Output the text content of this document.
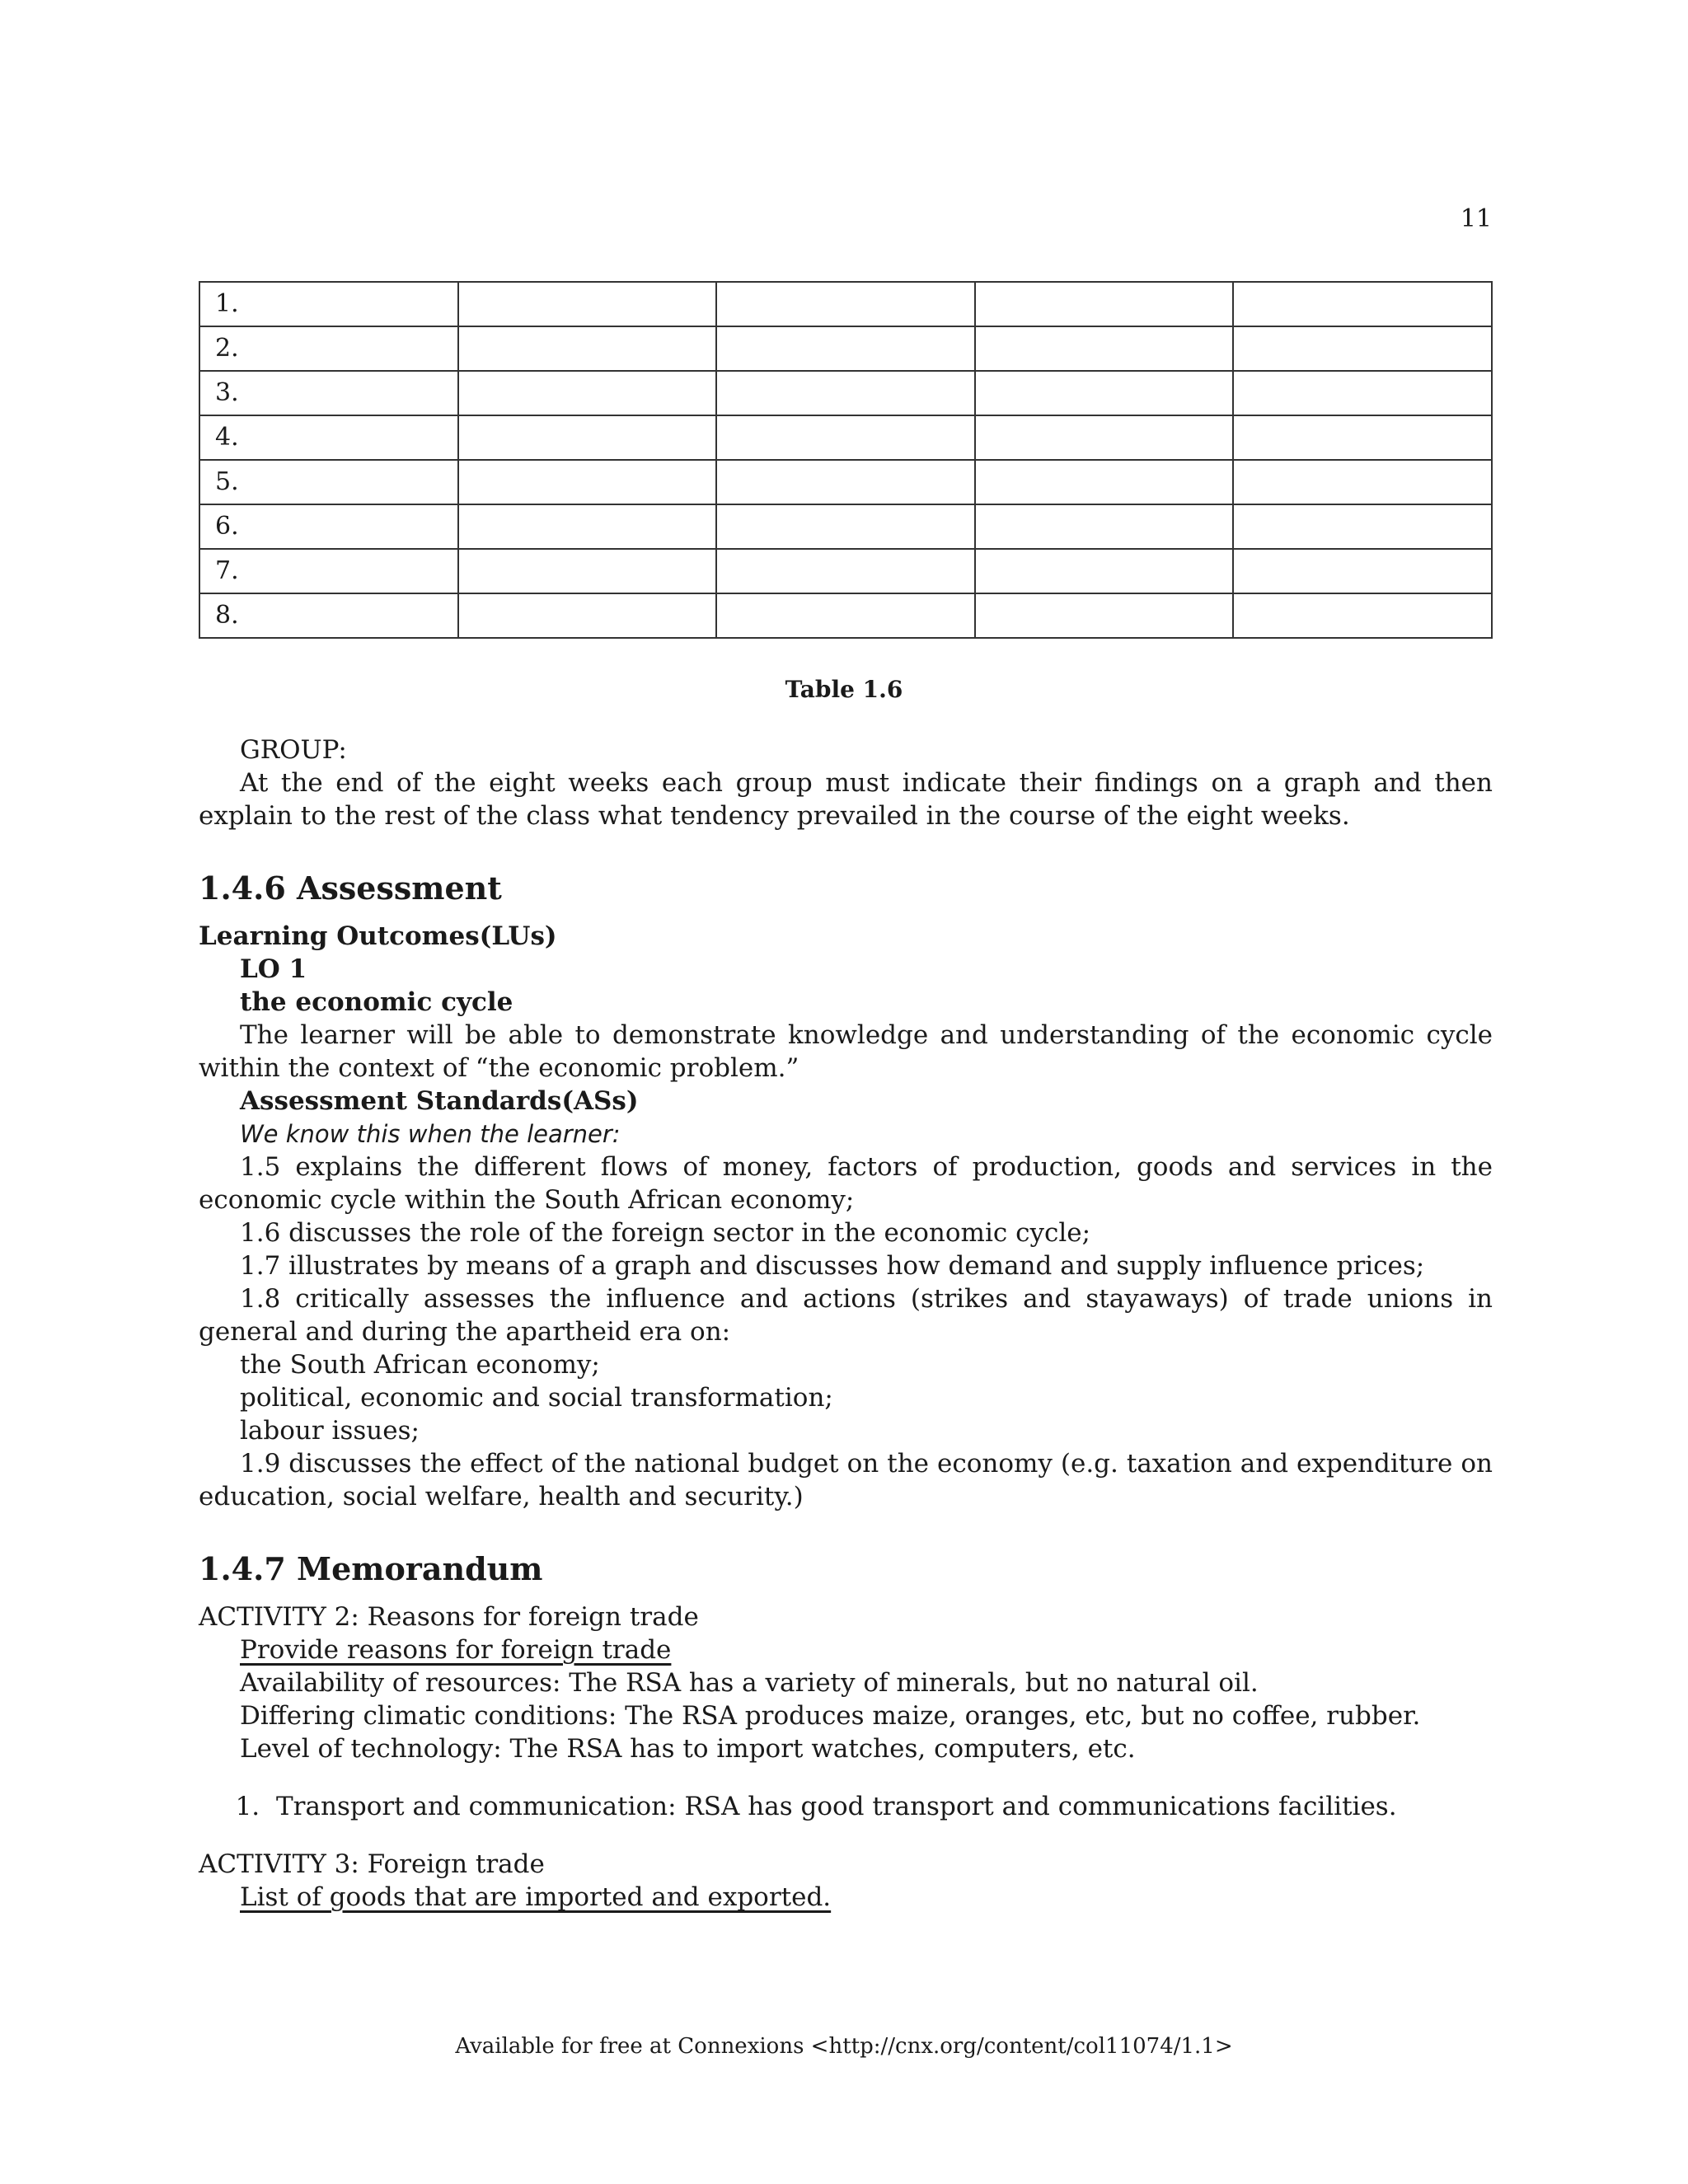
11
1.				
2.				
3.				
4.				
5.				
6.				
7.				
8.				
Table 1.6

GROUP:

At the end of the eight weeks each group must indicate their findings on a graph and then explain to the rest of the class what tendency prevailed in the course of the eight weeks.

1.4.6 Assessment

Learning Outcomes(LUs)

LO 1

the economic cycle

The learner will be able to demonstrate knowledge and understanding of the economic cycle within the context of “the economic problem.”

Assessment Standards(ASs)

We know this when the learner:

1.5 explains the different flows of money, factors of production, goods and services in the economic cycle within the South African economy;

1.6 discusses the role of the foreign sector in the economic cycle;

1.7 illustrates by means of a graph and discusses how demand and supply influence prices;

1.8 critically assesses the influence and actions (strikes and stayaways) of trade unions in general and during the apartheid era on:

the South African economy;

political, economic and social transformation;

labour issues;

1.9 discusses the effect of the national budget on the economy (e.g. taxation and expenditure on education, social welfare, health and security.)

1.4.7 Memorandum

ACTIVITY 2: Reasons for foreign trade

Provide reasons for foreign trade

Availability of resources: The RSA has a variety of minerals, but no natural oil.

Differing climatic conditions: The RSA produces maize, oranges, etc, but no coffee, rubber.

Level of technology: The RSA has to import watches, computers, etc.

1. Transport and communication: RSA has good transport and communications facilities.

ACTIVITY 3: Foreign trade

List of goods that are imported and exported.

Available for free at Connexions <http://cnx.org/content/col11074/1.1>
